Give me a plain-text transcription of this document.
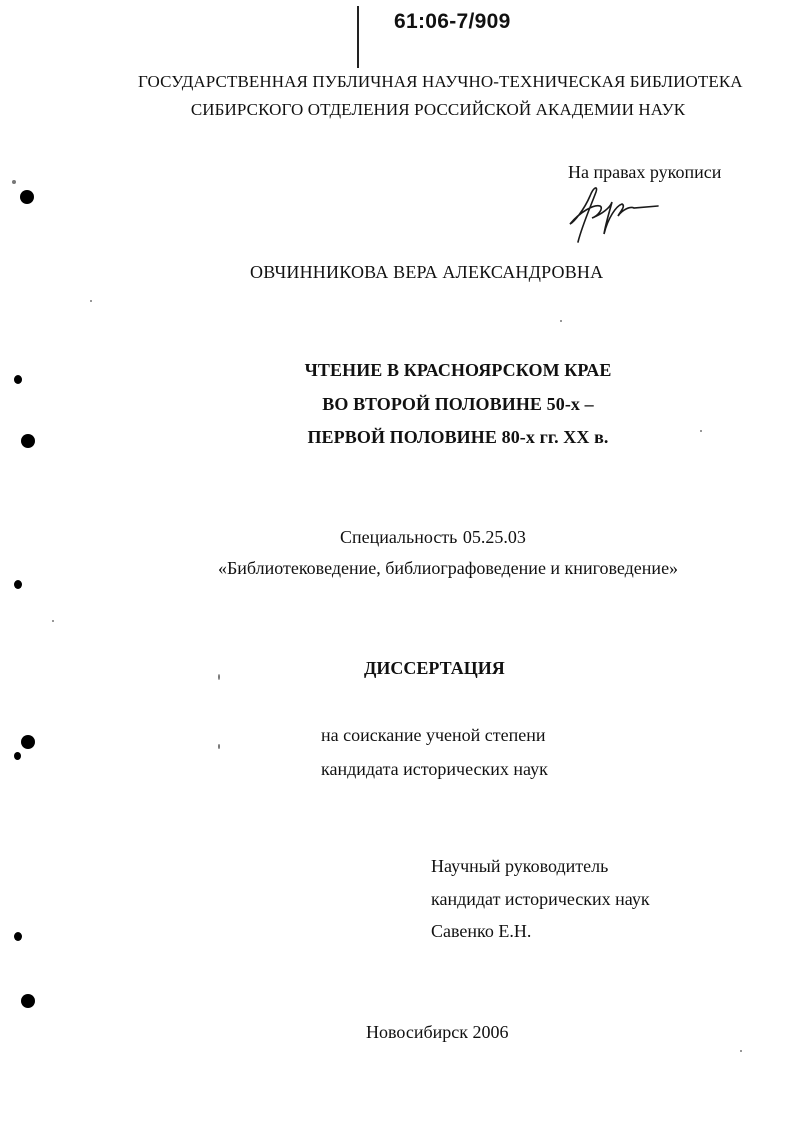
61:06-7/909
ГОСУДАРСТВЕННАЯ ПУБЛИЧНАЯ НАУЧНО-ТЕХНИЧЕСКАЯ БИБЛИОТЕКА
СИБИРСКОГО ОТДЕЛЕНИЯ РОССИЙСКОЙ АКАДЕМИИ НАУК
На правах рукописи
ОВЧИННИКОВА ВЕРА АЛЕКСАНДРОВНА
ЧТЕНИЕ В КРАСНОЯРСКОМ КРАЕ
ВО ВТОРОЙ ПОЛОВИНЕ 50-х –
ПЕРВОЙ ПОЛОВИНЕ 80-х гг. XX в.
Специальность 05.25.03
«Библиотековедение, библиографоведение и книговедение»
ДИССЕРТАЦИЯ
на соискание ученой степени
кандидата исторических наук
Научный руководитель
кандидат исторических наук
Савенко Е.Н.
Новосибирск 2006
